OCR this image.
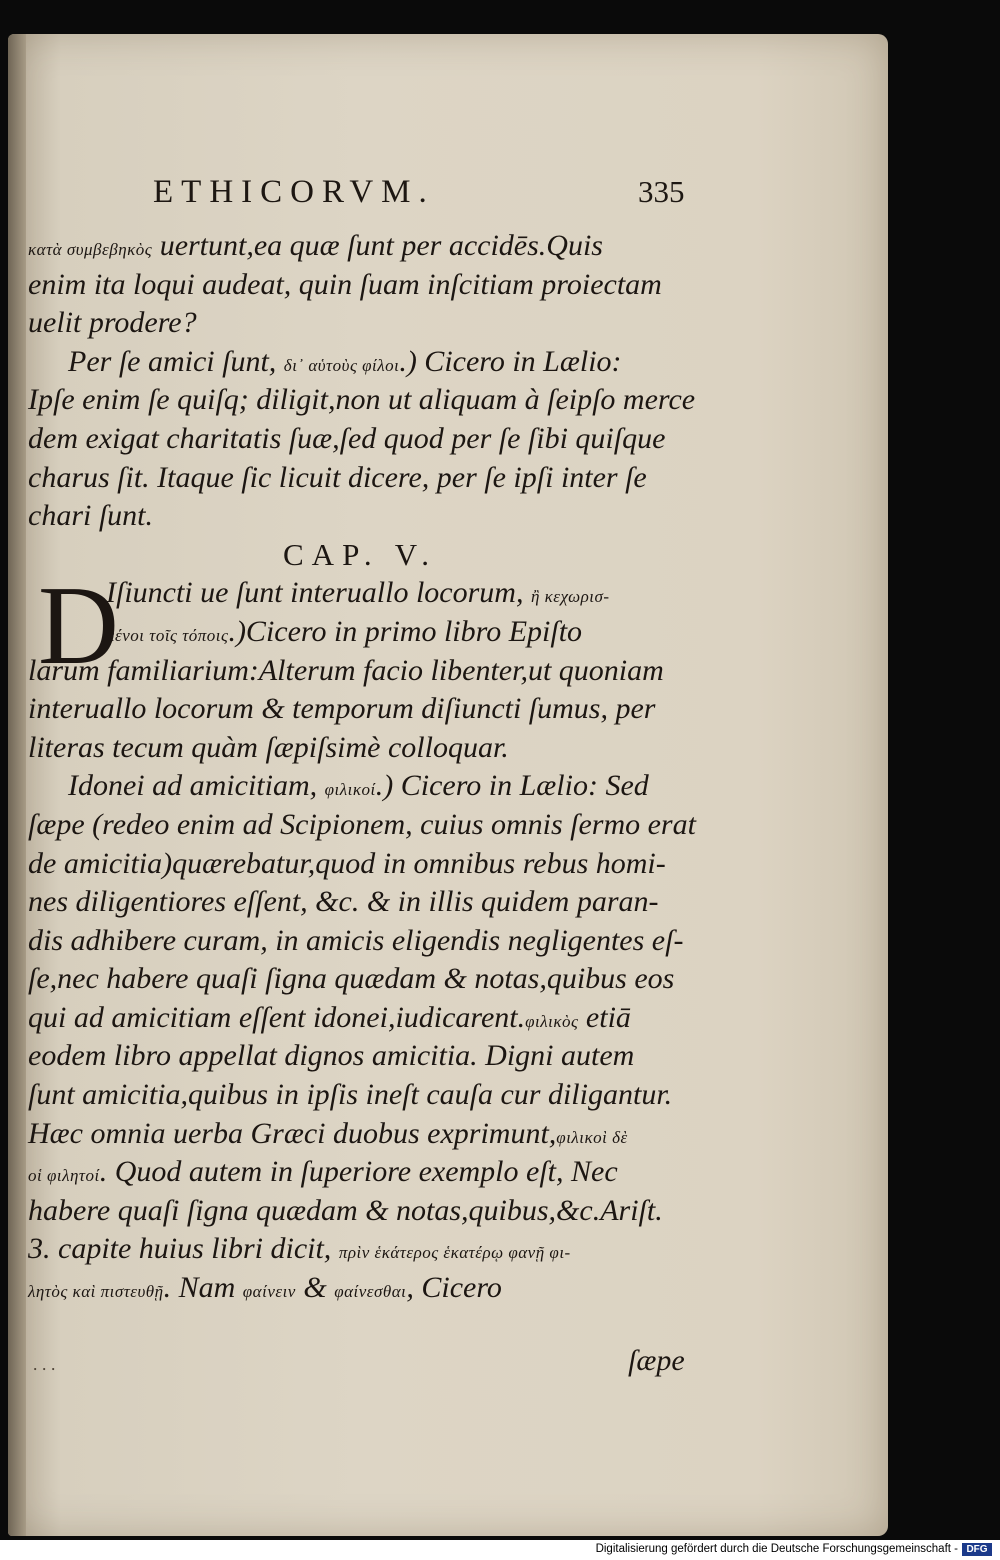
ETHICORVM.	335
κατὰ συμβεβηκὸς uertunt,ea quæ ſunt per accidēs.Quis
enim ita loqui audeat, quin ſuam inſcitiam proiectam
uelit prodere?
Per ſe amici ſunt, δι᾽ αὑτοὺς φίλοι.) Cicero in Lælio:
Ipſe enim ſe quiſq; diligit,non ut aliquam à ſeipſo merce
dem exigat charitatis ſuæ,ſed quod per ſe ſibi quiſque
charus ſit. Itaque ſic licuit dicere, per ſe ipſi inter ſe
chari ſunt.
CAP. V.
D
Iſiuncti ue ſunt interuallo locorum, ἢ κεχωρισ-
μένοι τοῖς τόποις.)Cicero in primo libro Epiſto
larum familiarium:Alterum facio libenter,ut quoniam
interuallo locorum & temporum diſiuncti ſumus, per
literas tecum quàm ſæpiſsimè colloquar.
Idonei ad amicitiam, φιλικοί.) Cicero in Lælio: Sed
ſæpe (redeo enim ad Scipionem, cuius omnis ſermo erat
de amicitia)quærebatur,quod in omnibus rebus homi-
nes diligentiores eſſent, &c. & in illis quidem paran-
dis adhibere curam, in amicis eligendis negligentes eſ-
ſe,nec habere quaſi ſigna quædam & notas,quibus eos
qui ad amicitiam eſſent idonei,iudicarent.φιλικὸς etiā
eodem libro appellat dignos amicitia. Digni autem
ſunt amicitia,quibus in ipſis ineſt cauſa cur diligantur.
Hæc omnia uerba Græci duobus exprimunt,φιλικοὶ δὲ
οἱ φιλητοί. Quod autem in ſuperiore exemplo eſt, Nec
habere quaſi ſigna quædam & notas,quibus,&c.Ariſt.
3. capite huius libri dicit, πρὶν ἑκάτερος ἑκατέρῳ φανῇ φι-
λητὸς καὶ πιστευθῇ. Nam φαίνειν & φαίνεσθαι, Cicero
∙ ∙ ∙	ſæpe
Digitalisierung gefördert durch die Deutsche Forschungsgemeinschaft - DFG
